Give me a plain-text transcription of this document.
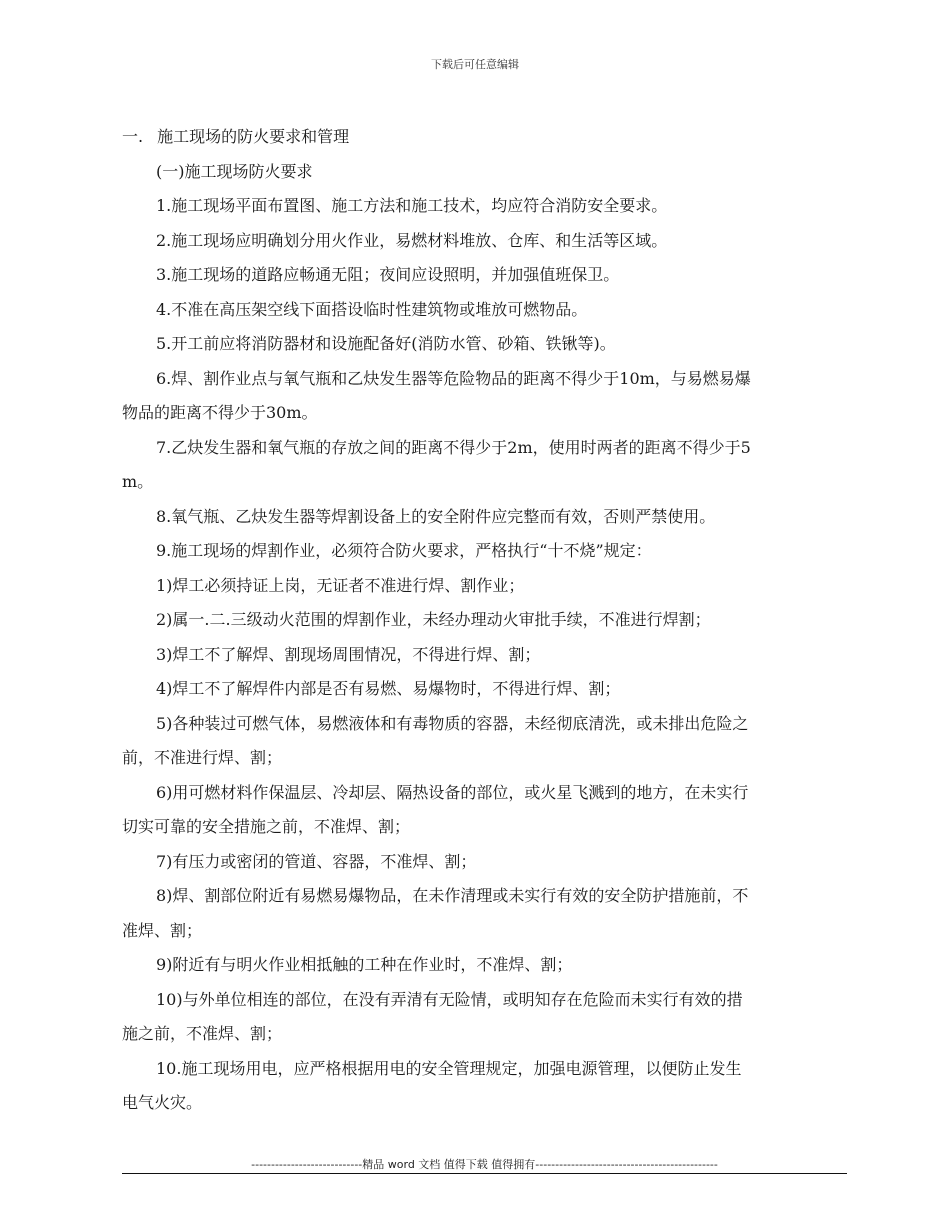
下载后可任意编辑
一. 施工现场的防火要求和管理
(一)施工现场防火要求
1.施工现场平面布置图、施工方法和施工技术，均应符合消防安全要求。
2.施工现场应明确划分用火作业，易燃材料堆放、仓库、和生活等区域。
3.施工现场的道路应畅通无阻；夜间应设照明，并加强值班保卫。
4.不准在高压架空线下面搭设临时性建筑物或堆放可燃物品。
5.开工前应将消防器材和设施配备好(消防水管、砂箱、铁锹等)。
6.焊、割作业点与氧气瓶和乙炔发生器等危险物品的距离不得少于10m，与易燃易爆
物品的距离不得少于30m。
7.乙炔发生器和氧气瓶的存放之间的距离不得少于2m，使用时两者的距离不得少于5
m。
8.氧气瓶、乙炔发生器等焊割设备上的安全附件应完整而有效，否则严禁使用。
9.施工现场的焊割作业，必须符合防火要求，严格执行“十不烧”规定：
1)焊工必须持证上岗，无证者不准进行焊、割作业；
2)属一.二.三级动火范围的焊割作业，未经办理动火审批手续，不准进行焊割；
3)焊工不了解焊、割现场周围情况，不得进行焊、割；
4)焊工不了解焊件内部是否有易燃、易爆物时，不得进行焊、割；
5)各种装过可燃气体，易燃液体和有毒物质的容器，未经彻底清洗，或未排出危险之
前，不准进行焊、割；
6)用可燃材料作保温层、冷却层、隔热设备的部位，或火星飞溅到的地方，在未实行
切实可靠的安全措施之前，不准焊、割；
7)有压力或密闭的管道、容器，不准焊、割；
8)焊、割部位附近有易燃易爆物品，在未作清理或未实行有效的安全防护措施前，不
准焊、割；
9)附近有与明火作业相抵触的工种在作业时，不准焊、割；
10)与外单位相连的部位，在没有弄清有无险情，或明知存在危险而未实行有效的措
施之前，不准焊、割；
10.施工现场用电，应严格根据用电的安全管理规定，加强电源管理，以便防止发生
电气火灾。
----------------------------精品 word 文档 值得下载 值得拥有----------------------------------------------
